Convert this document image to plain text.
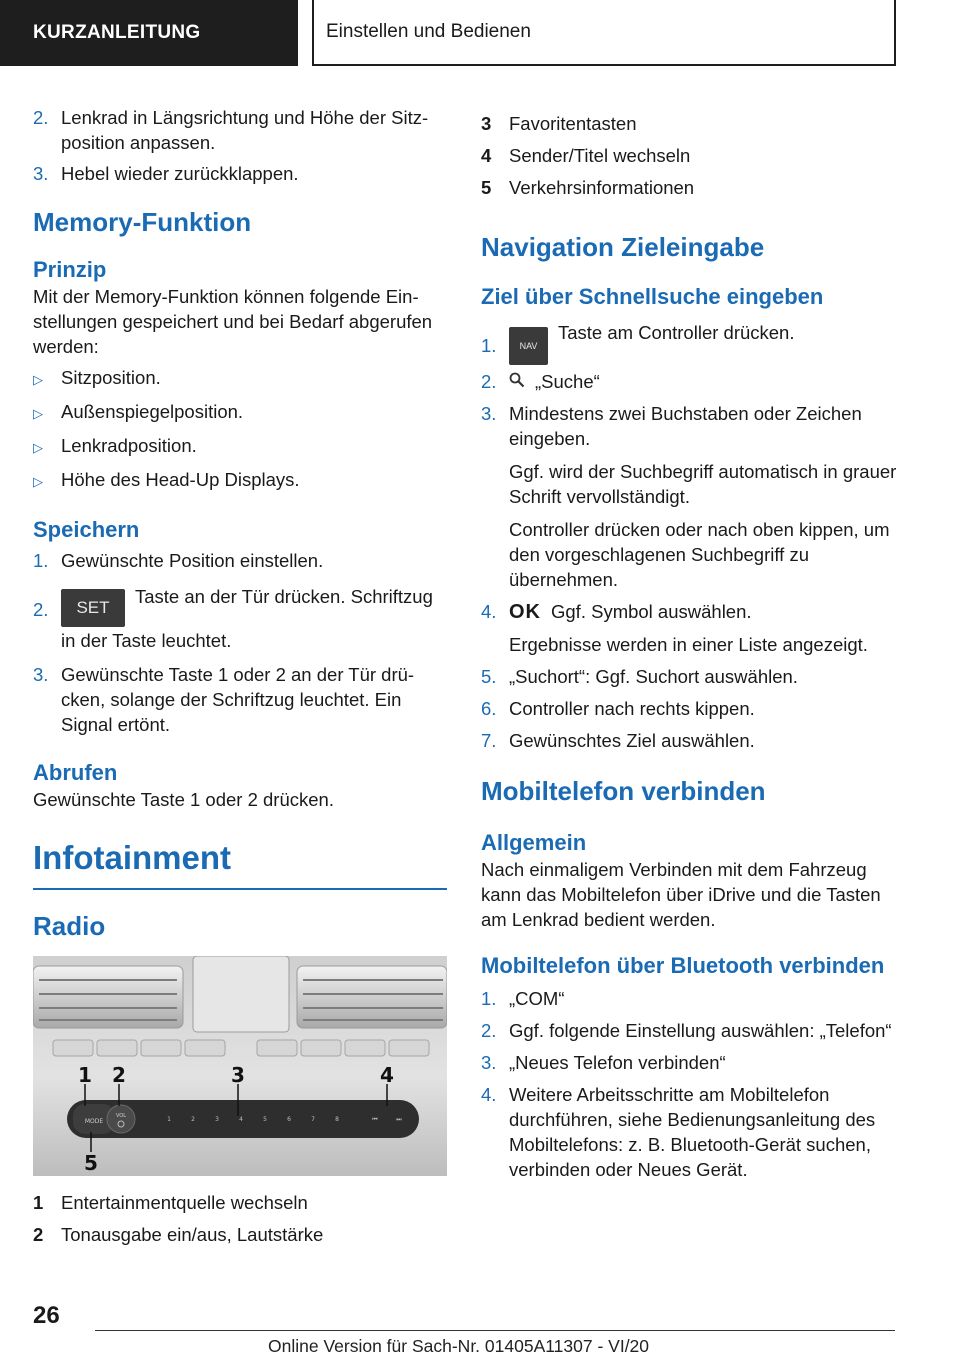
KURZANLEITUNG	Einstellen und Bedienen
2. Lenkrad in Längsrichtung und Höhe der Sitz-position anpassen.
3. Hebel wieder zurückklappen.
Memory-Funktion
Prinzip
Mit der Memory-Funktion können folgende Ein-stellungen gespeichert und bei Bedarf abgerufen werden:
▷ Sitzposition.
▷ Außenspiegelposition.
▷ Lenkradposition.
▷ Höhe des Head-Up Displays.
Speichern
1. Gewünschte Position einstellen.
2.	SETTaste an der Tür drücken. Schriftzug in der Taste leuchtet.
3. Gewünschte Taste 1 oder 2 an der Tür drü-cken, solange der Schriftzug leuchtet. Ein Signal ertönt.
Abrufen
Gewünschte Taste 1 oder 2 drücken.
Infotainment
Radio
MODE
VOL	1	2	3	4	5	6	7	8	⏮	⏭
1 2	3	4
5
1 Entertainmentquelle wechseln
2 Tonausgabe ein/aus, Lautstärke
3 Favoritentasten
4 Sender/Titel wechseln
5 Verkehrsinformationen
Navigation Zieleingabe
Ziel über Schnellsuche eingeben
1.	NAVTaste am Controller drücken.
2.	„Suche“
3. Mindestens zwei Buchstaben oder Zeichen eingeben.
Ggf. wird der Suchbegriff automatisch in grauer Schrift vervollständigt.
Controller drücken oder nach oben kippen, um den vorgeschlagenen Suchbegriff zu übernehmen.
4. OK Ggf. Symbol auswählen.
Ergebnisse werden in einer Liste angezeigt.
5. „Suchort“: Ggf. Suchort auswählen.
6. Controller nach rechts kippen.
7. Gewünschtes Ziel auswählen.
Mobiltelefon verbinden
Allgemein
Nach einmaligem Verbinden mit dem Fahrzeug kann das Mobiltelefon über iDrive und die Tasten am Lenkrad bedient werden.
Mobiltelefon über Bluetooth verbinden
1. „COM“
2. Ggf. folgende Einstellung auswählen: „Telefon“
3. „Neues Telefon verbinden“
4. Weitere Arbeitsschritte am Mobiltelefon durchführen, siehe Bedienungsanleitung des Mobiltelefons: z. B. Bluetooth-Gerät suchen, verbinden oder Neues Gerät.
26
Online Version für Sach-Nr. 01405A11307 - VI/20
